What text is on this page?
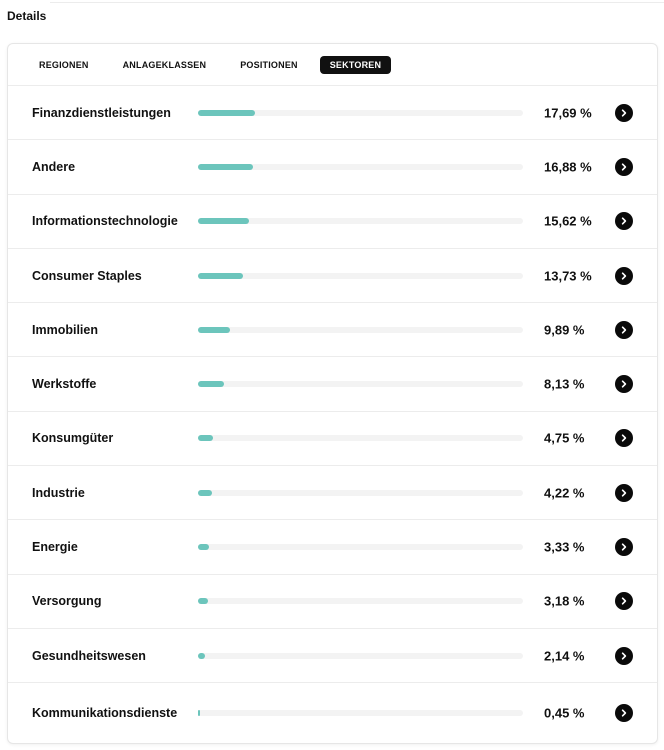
Details
REGIONEN	ANLAGEKLASSEN	POSITIONEN	SEKTOREN
Finanzdienstleistungen	17,69 %
Andere	16,88 %
Informationstechnologie	15,62 %
Consumer Staples	13,73 %
Immobilien	9,89 %
Werkstoffe	8,13 %
Konsumgüter	4,75 %
Industrie	4,22 %
Energie	3,33 %
Versorgung	3,18 %
Gesundheitswesen	2,14 %
Kommunikationsdienste	0,45 %
